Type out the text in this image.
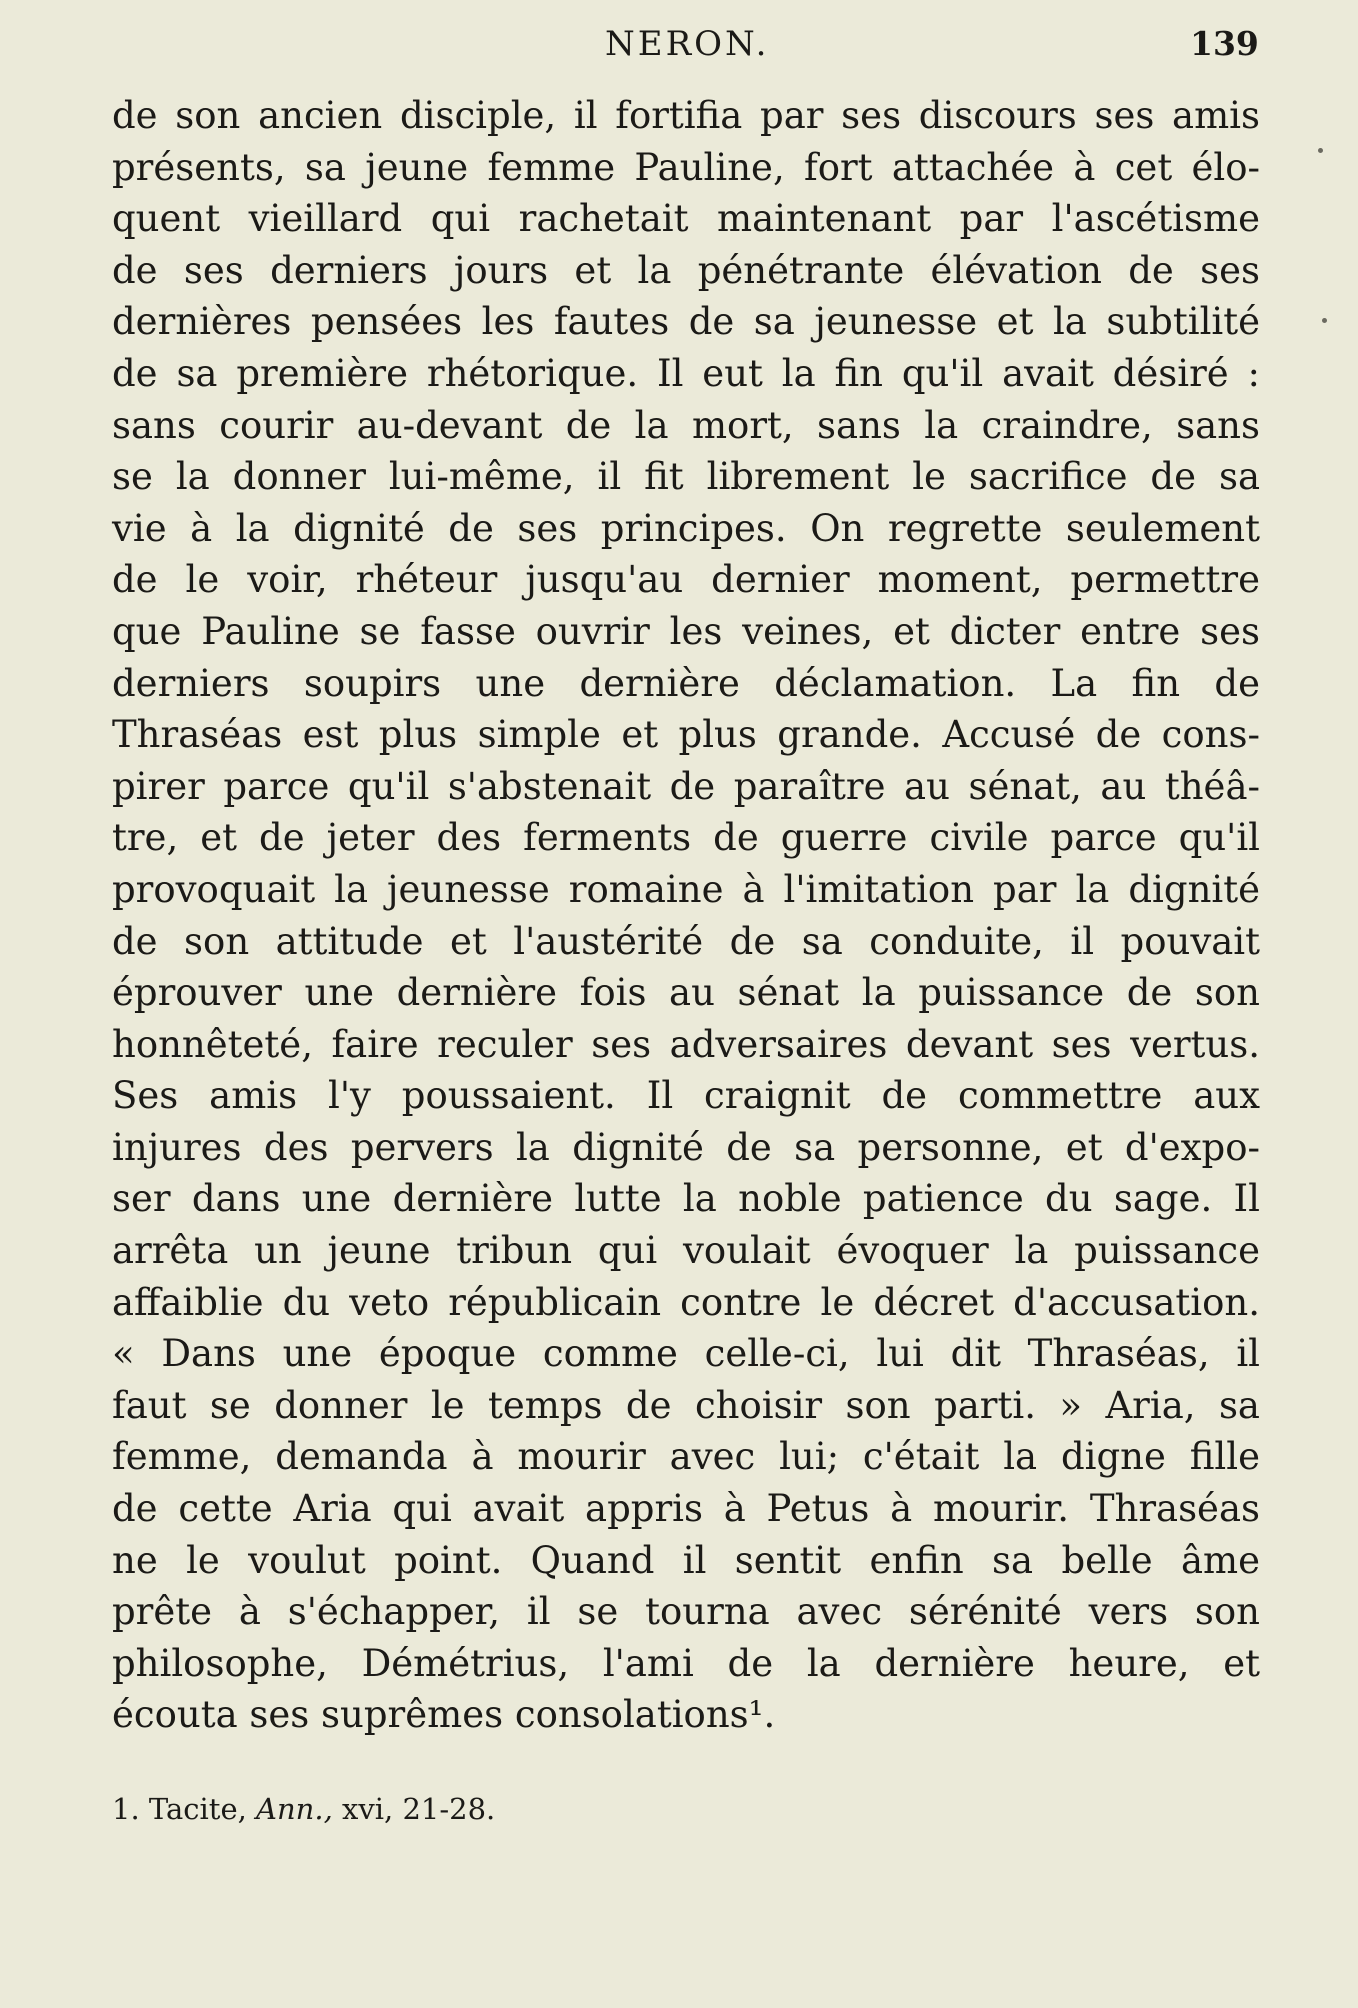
NERON.	139
de son ancien disciple, il fortifia par ses discours ses amis
présents, sa jeune femme Pauline, fort attachée à cet élo-
quent vieillard qui rachetait maintenant par l'ascétisme
de ses derniers jours et la pénétrante élévation de ses
dernières pensées les fautes de sa jeunesse et la subtilité
de sa première rhétorique. Il eut la fin qu'il avait désiré :
sans courir au-devant de la mort, sans la craindre, sans
se la donner lui-même, il fit librement le sacrifice de sa
vie à la dignité de ses principes. On regrette seulement
de le voir, rhéteur jusqu'au dernier moment, permettre
que Pauline se fasse ouvrir les veines, et dicter entre ses
derniers soupirs une dernière déclamation. La fin de
Thraséas est plus simple et plus grande. Accusé de cons-
pirer parce qu'il s'abstenait de paraître au sénat, au théâ-
tre, et de jeter des ferments de guerre civile parce qu'il
provoquait la jeunesse romaine à l'imitation par la dignité
de son attitude et l'austérité de sa conduite, il pouvait
éprouver une dernière fois au sénat la puissance de son
honnêteté, faire reculer ses adversaires devant ses vertus.
Ses amis l'y poussaient. Il craignit de commettre aux
injures des pervers la dignité de sa personne, et d'expo-
ser dans une dernière lutte la noble patience du sage. Il
arrêta un jeune tribun qui voulait évoquer la puissance
affaiblie du veto républicain contre le décret d'accusation.
« Dans une époque comme celle-ci, lui dit Thraséas, il
faut se donner le temps de choisir son parti. » Aria, sa
femme, demanda à mourir avec lui; c'était la digne fille
de cette Aria qui avait appris à Petus à mourir. Thraséas
ne le voulut point. Quand il sentit enfin sa belle âme
prête à s'échapper, il se tourna avec sérénité vers son
philosophe, Démétrius, l'ami de la dernière heure, et
écouta ses suprêmes consolations¹.
1. Tacite, Ann., xvi, 21-28.
